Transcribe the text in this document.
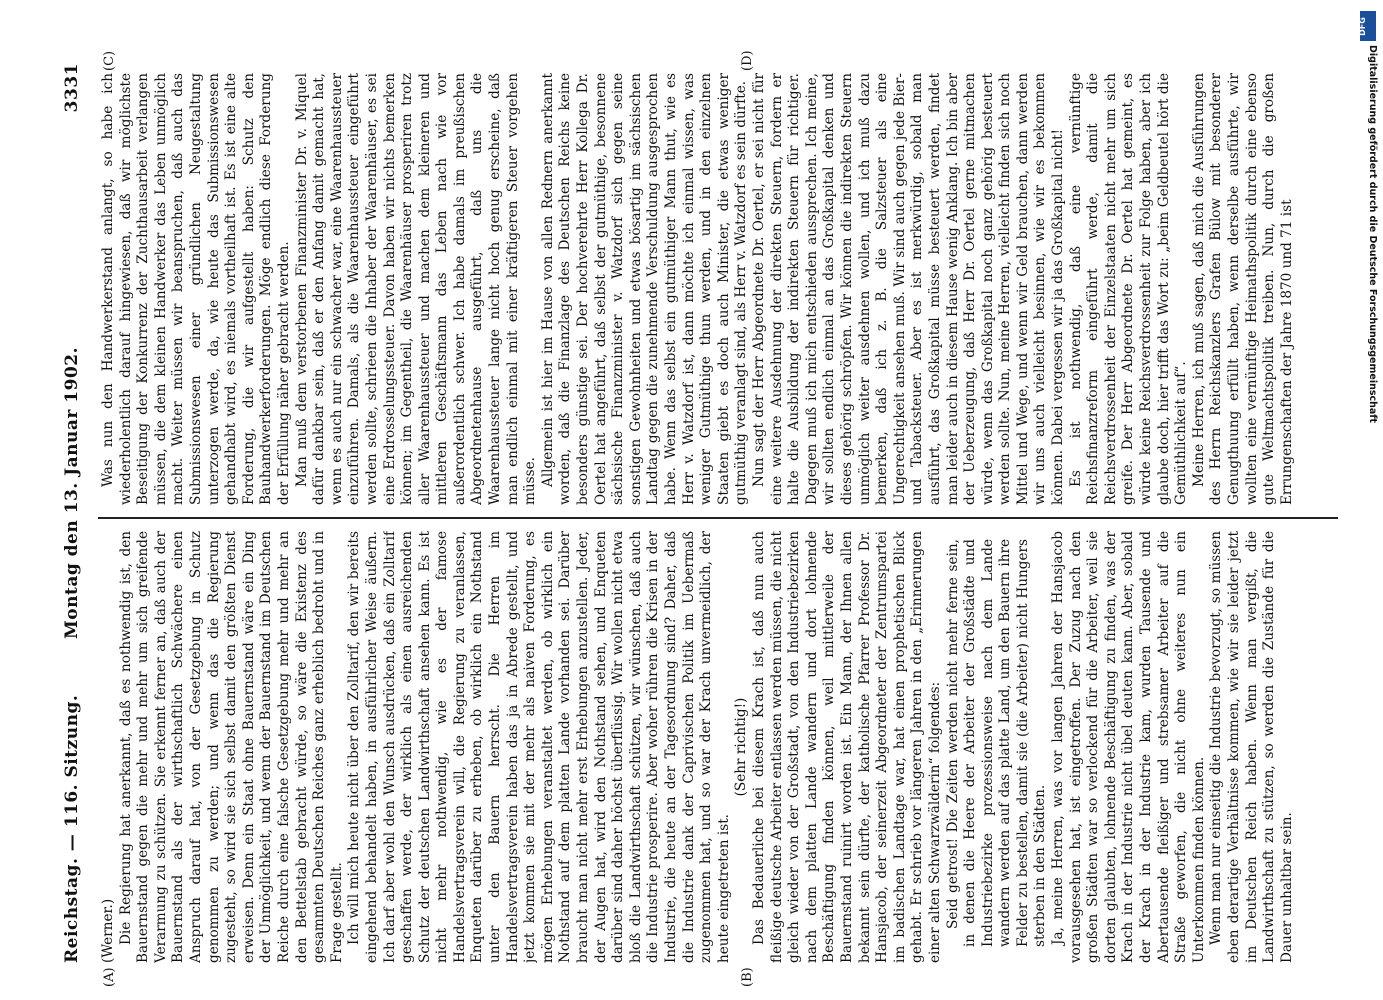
Reichstag. — 116. Sitzung.
Montag den 13. Januar 1902.
3331
(A)	(B)
(C)	(D)

(Werner.) Die Regierung hat anerkannt, daß es nothwendig ist, den Bauernstand gegen die mehr und mehr um sich greifende Verarmung zu schützen. Sie erkennt ferner an, daß auch der Bauernstand als der wirthschaftlich Schwächere einen Anspruch darauf hat, von der Gesetzgebung in Schutz genommen zu werden; und wenn das die Regierung zugesteht, so wird sie sich selbst damit den größten Dienst erweisen. Denn ein Staat ohne Bauernstand wäre ein Ding der Unmöglichkeit, und wenn der Bauernstand im Deutschen Reiche durch eine falsche Gesetzgebung mehr und mehr an den Bettelstab gebracht würde, so wäre die Existenz des gesammten Deutschen Reiches ganz erheblich bedroht und in Frage gestellt. Ich will mich heute nicht über den Zolltarif, den wir bereits eingehend behandelt haben, in ausführlicher Weise äußern. Ich darf aber wohl den Wunsch ausdrücken, daß ein Zolltarif geschaffen werde, der wirklich als einen ausreichenden Schutz der deutschen Landwirthschaft ansehen kann. Es ist nicht mehr nothwendig, wie es der famose Handelsvertragsverein will, die Regierung zu veranlassen, Enqueten darüber zu erheben, ob wirklich ein Nothstand unter den Bauern herrscht. Die Herren im Handelsvertragsverein haben das ja in Abrede gestellt, und jetzt kommen sie mit der mehr als naiven Forderung, es mögen Erhebungen veranstaltet werden, ob wirklich ein Nothstand auf dem platten Lande vorhanden sei. Darüber braucht man nicht mehr erst Erhebungen anzustellen. Jeder, der Augen hat, wird den Nothstand sehen, und Enqueten darüber sind daher höchst überflüssig. Wir wollen nicht etwa bloß die Landwirthschaft schützen, wir wünschen, daß auch die Industrie prosperire. Aber woher rühren die Krisen in der Industrie, die heute an der Tagesordnung sind? Daher, daß die Industrie dank der Caprivischen Politik im Uebermaß zugenommen hat, und so war der Krach unvermeidlich, der heute eingetreten ist.

(Sehr richtig!) Das Bedauerliche bei diesem Krach ist, daß nun auch fleißige deutsche Arbeiter entlassen werden müssen, die nicht gleich wieder von der Großstadt, von den Industriebezirken nach dem platten Lande wandern und dort lohnende Beschäftigung finden können, weil mittlerweile der Bauernstand ruinirt worden ist. Ein Mann, der Ihnen allen bekannt sein dürfte, der katholische Pfarrer Professor Dr. Hansjacob, der seinerzeit Abgeordneter der Zentrumspartei im badischen Landtage war, hat einen prophetischen Blick gehabt. Er schrieb vor längeren Jahren in den „Erinnerungen einer alten Schwarzwälderin“ folgendes: Seid getrost! Die Zeiten werden nicht mehr ferne sein, in denen die Heere der Arbeiter der Großstädte und Industriebezirke prozessionsweise nach dem Lande wandern werden auf das platte Land, um den Bauern ihre Felder zu bestellen, damit sie (die Arbeiter) nicht Hungers sterben in den Städten. Ja, meine Herren, was vor langen Jahren der Hansjacob vorausgesehen hat, ist eingetroffen. Der Zuzug nach den großen Städten war so verlockend für die Arbeiter, weil sie dorten glaubten, lohnende Beschäftigung zu finden, was der Krach in der Industrie nicht übel deuten kann. Aber, sobald der Krach in der Industrie kam, wurden Tausende und Abertausende fleißiger und strebsamer Arbeiter auf die Straße geworfen, die nicht ohne weiteres nun ein Unterkommen finden können. Wenn man nur einseitig die Industrie bevorzugt, so müssen eben derartige Verhältnisse kommen, wie wir sie leider jetzt im Deutschen Reich haben. Wenn man vergißt, die Landwirthschaft zu stützen, so werden die Zustände für die Dauer unhaltbar sein.

Was nun den Handwerkerstand anlangt, so habe ich wiederholentlich darauf hingewiesen, daß wir möglichste Beseitigung der Konkurrenz der Zuchthausarbeit verlangen müssen, die dem kleinen Handwerker das Leben unmöglich macht. Weiter müssen wir beanspruchen, daß auch das Submissionswesen einer gründlichen Neugestaltung unterzogen werde, da, wie heute das Submissionswesen gehandhabt wird, es niemals vortheilhaft ist. Es ist eine alte Forderung, die wir aufgestellt haben: Schutz den Bauhandwerkerforderungen. Möge endlich diese Forderung der Erfüllung näher gebracht werden. Man muß dem verstorbenen Finanzminister Dr. v. Miquel dafür dankbar sein, daß er den Anfang damit gemacht hat, wenn es auch nur ein schwacher war, eine Waarenhaussteuer einzuführen. Damals, als die Waarenhaussteuer eingeführt werden sollte, schrieen die Inhaber der Waarenhäuser, es sei eine Erdrosselungssteuer. Davon haben wir nichts bemerken können; im Gegentheil, die Waarenhäuser prosperiren trotz aller Waarenhaussteuer und machen dem kleineren und mittleren Geschäftsmann das Leben nach wie vor außerordentlich schwer. Ich habe damals im preußischen Abgeordnetenhause ausgeführt, daß uns die Waarenhaussteuer lange nicht hoch genug erscheine, daß man endlich einmal mit einer kräftigeren Steuer vorgehen müsse. Allgemein ist hier im Hause von allen Rednern anerkannt worden, daß die Finanzlage des Deutschen Reichs keine besonders günstige sei. Der hochverehrte Herr Kollega Dr. Oertel hat angeführt, daß selbst der gutmüthige, besonnene sächsische Finanzminister v. Watzdorf sich gegen seine sonstigen Gewohnheiten und etwas bösartig im sächsischen Landtag gegen die zunehmende Verschuldung ausgesprochen habe. Wenn das selbst ein gutmüthiger Mann thut, wie es Herr v. Watzdorf ist, dann möchte ich einmal wissen, was weniger Gutmüthige thun werden, und in den einzelnen Staaten giebt es doch auch Minister, die etwas weniger gutmüthig veranlagt sind, als Herr v. Watzdorf es sein dürfte. Nun sagt der Herr Abgeordnete Dr. Oertel, er sei nicht für eine weitere Ausdehnung der direkten Steuern, fordern er halte die Ausbildung der indirekten Steuern für richtiger. Dagegen muß ich mich entschieden aussprechen. Ich meine, wir sollten endlich einmal an das Großkapital denken und dieses gehörig schröpfen. Wir können die indirekten Steuern unmöglich weiter ausdehnen wollen, und ich muß dazu bemerken, daß ich z. B. die Salzsteuer als eine Ungerechtigkeit ansehen muß. Wir sind auch gegen jede Bier- und Tabacksteuer. Aber es ist merkwürdig, sobald man ausführt, das Großkapital müsse besteuert werden, findet man leider auch in diesem Hause wenig Anklang. Ich bin aber der Ueberzeugung, daß Herr Dr. Oertel gerne mitmachen würde, wenn das Großkapital noch ganz gehörig besteuert werden sollte. Nun, meine Herren, vielleicht finden sich noch Mittel und Wege, und wenn wir Geld brauchen, dann werden wir uns auch vielleicht besinnen, wie wir es bekommen können. Dabei vergessen wir ja das Großkapital nicht! Es ist nothwendig, daß eine vernünftige Reichsfinanzreform eingeführt werde, damit die Reichsverdrossenheit der Einzelstaaten nicht mehr um sich greife. Der Herr Abgeordnete Dr. Oertel hat gemeint, es würde keine Reichsverdrossenheit zur Folge haben, aber ich glaube doch, hier trifft das Wort zu: „beim Geldbeutel hört die Gemüthlichkeit auf“. Meine Herren, ich muß sagen, daß mich die Ausführungen des Herrn Reichskanzlers Grafen Bülow mit besonderer Genugthuung erfüllt haben, wenn derselbe ausführte, wir wollten eine vernünftige Heimathspolitik durch eine ebenso gute Weltmachtspolitik treiben. Nun, durch die großen Errungenschaften der Jahre 1870 und 71 ist

DFG
Digitalisierung gefördert durch die Deutsche Forschungsgemeinschaft
